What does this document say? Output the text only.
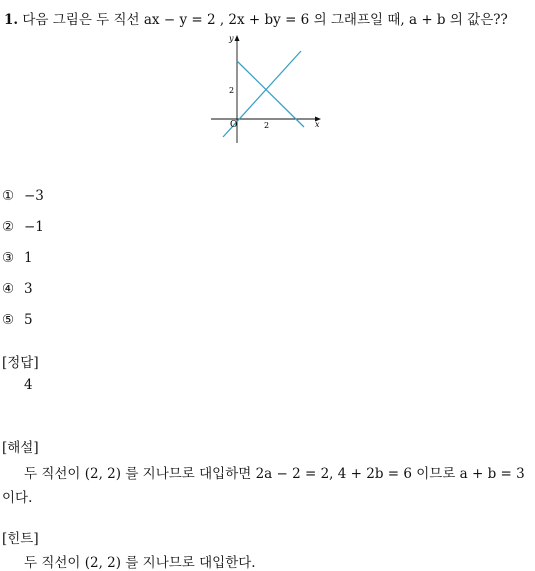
1. 다음 그림은 두 직선 ax − y = 2 , 2x + by = 6 의 그래프일 때, a + b 의 값은??
y
x
2
2
O
① −3
② −1
③ 1
④ 3
⑤ 5
[정답]
4
[해설]
두 직선이 (2, 2) 를 지나므로 대입하면 2a − 2 = 2, 4 + 2b = 6 이므로 a + b = 3
이다.
[힌트]
두 직선이 (2, 2) 를 지나므로 대입한다.
